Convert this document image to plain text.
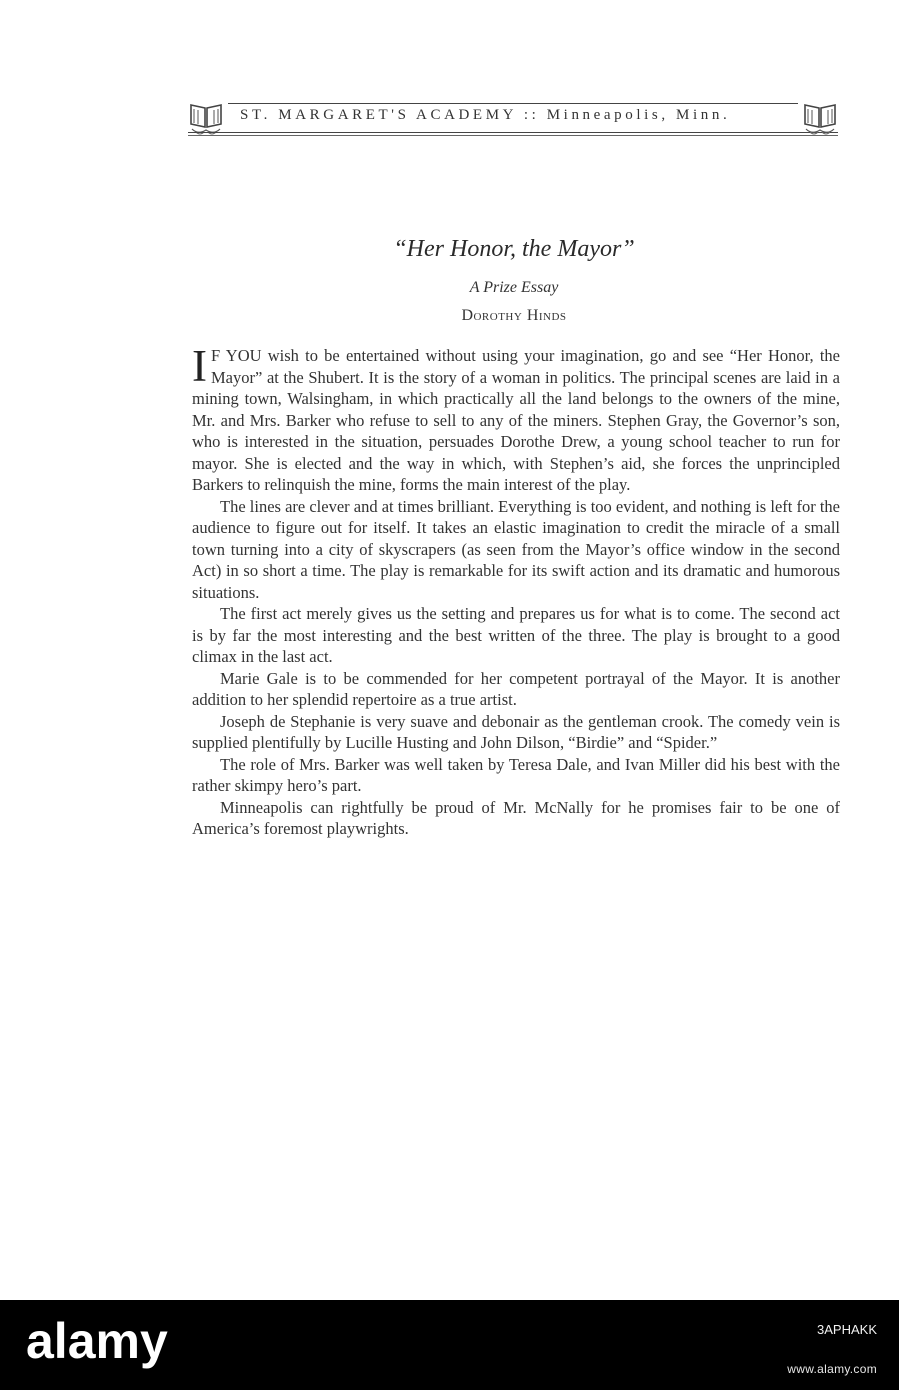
ST. MARGARET'S ACADEMY :: Minneapolis, Minn.
“Her Honor, the Mayor”
A Prize Essay
Dorothy Hinds

I F YOU wish to be entertained without using your imagination, go and see “Her Honor, the Mayor” at the Shubert. It is the story of a woman in politics. The principal scenes are laid in a mining town, Walsingham, in which practically all the land belongs to the owners of the mine, Mr. and Mrs. Barker who refuse to sell to any of the miners. Stephen Gray, the Governor’s son, who is interested in the situation, persuades Dorothe Drew, a young school teacher to run for mayor. She is elected and the way in which, with Stephen’s aid, she forces the unprincipled Barkers to relinquish the mine, forms the main interest of the play.

The lines are clever and at times brilliant. Everything is too evident, and nothing is left for the audience to figure out for itself. It takes an elastic imagination to credit the miracle of a small town turning into a city of skyscrapers (as seen from the Mayor’s office window in the second Act) in so short a time. The play is remarkable for its swift action and its dramatic and humorous situations.

The first act merely gives us the setting and prepares us for what is to come. The second act is by far the most interesting and the best written of the three. The play is brought to a good climax in the last act.

Marie Gale is to be commended for her competent portrayal of the Mayor. It is another addition to her splendid repertoire as a true artist.

Joseph de Stephanie is very suave and debonair as the gentleman crook. The comedy vein is supplied plentifully by Lucille Husting and John Dilson, “Birdie” and “Spider.”

The role of Mrs. Barker was well taken by Teresa Dale, and Ivan Miller did his best with the rather skimpy hero’s part.

Minneapolis can rightfully be proud of Mr. McNally for he promises fair to be one of America’s foremost playwrights.

alamy	3APHAKK
www.alamy.com
